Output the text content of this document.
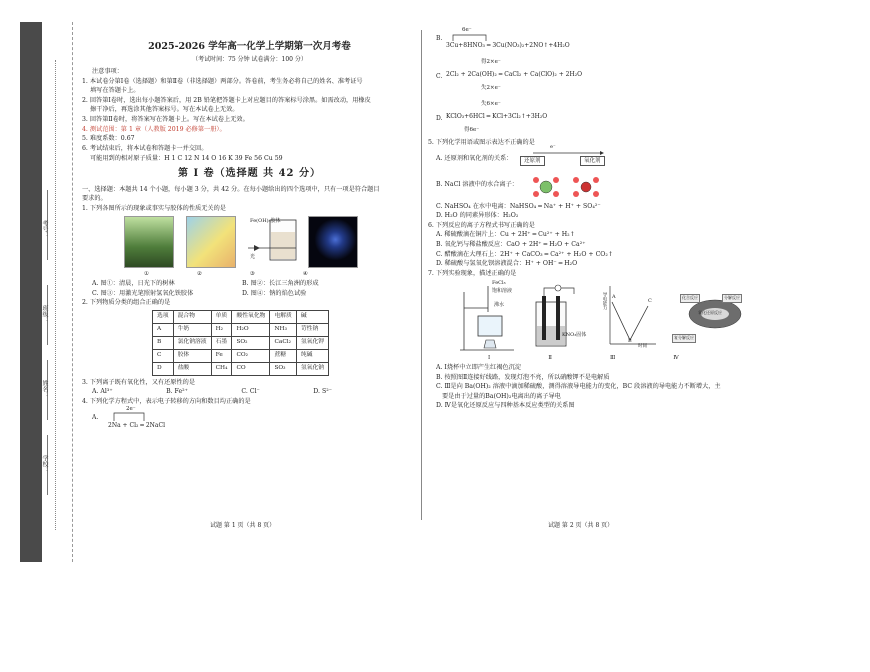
考号：
班级：
姓名：
学校：
2025-2026 学年高一化学上学期第一次月考卷
（考试时间：75 分钟 试卷满分：100 分）
注意事项：
1. 本试卷分第Ⅰ卷（选择题）和第Ⅱ卷（非选择题）两部分。答卷前，考生务必将自己的姓名、准考证号
填写在答题卡上。
2. 回答第Ⅰ卷时，选出每小题答案后，用 2B 铅笔把答题卡上对应题目的答案标号涂黑。如需改动，用橡皮
擦干净后，再选涂其他答案标号。写在本试卷上无效。
3. 回答第Ⅱ卷时，将答案写在答题卡上。写在本试卷上无效。
4. 测试范围：第 1 章（人教版 2019 必修第一册）。
5. 难度系数：0.67
6. 考试结束后，将本试卷和答题卡一并交回。
可能用到的相对原子质量：H 1 C 12 N 14 O 16 K 39 Fe 56 Cu 59
第 Ⅰ 卷（选择题 共 42 分）
一、选择题：本题共 14 个小题，每小题 3 分，共 42 分。在每小题给出的四个选项中，只有一项是符合题目
要求的。
1. 下列各图所示的现象或事实与胶体的性质无关的是
Fe(OH)₃胶体
光
①	②	③	④
A. 图①：清晨，日光下的树林	B. 图②：长江三角洲的形成
C. 图③：用激光笔照射氢氧化铁胶体	D. 图④：钠的焰色试验
2. 下列物质分类的组合正确的是
选项	混合物	单质	酸性氧化物	电解质	碱
A	牛奶	H₂	H₂O	NH₃	苛性钠
B	氯化钠溶液	石墨	SO₂	CaCl₂	氢氧化钾
C	胶体	Fe	CO₂	蔗糖	纯碱
D	盐酸	CH₄	CO	SO₃	氢氧化钠
3. 下列离子既有氧化性，又有还原性的是
A. Al³⁺	B. Fe²⁺	C. Cl⁻	D. S²⁻
4. 下列化学方程式中，表示电子转移的方向和数目均正确的是
A.
2e⁻
2Na + Cl₂ ═ 2NaCl
试题 第 1 页（共 8 页）
B.
6e⁻
3Cu+8HNO₃ ═ 3Cu(NO₃)₂+2NO↑+4H₂O
C.
得2×e⁻
2Cl₂ + 2Ca(OH)₂ ═ CaCl₂ + Ca(ClO)₂ + 2H₂O
失2×e⁻
D.
失6×e⁻
KClO₃+6HCl ═ KCl+3Cl₂↑+3H₂O
得6e⁻
5. 下列化学用语或图示表达不正确的是
A. 还原剂和氧化剂的关系：
e⁻
还原剂	氧化剂
B. NaCl 溶液中的水合离子：
C. NaHSO₄ 在水中电离：NaHSO₄ ═ Na⁺ + H⁺ + SO₄²⁻
D. H₂O 的同素异形体：H₂O₂
6. 下列反应的离子方程式书写正确的是
A. 稀硫酸滴在铜片上：Cu + 2H⁺ ═ Cu²⁺ + H₂↑
B. 氧化钙与稀盐酸反应：CaO + 2H⁺ ═ H₂O + Ca²⁺
C. 醋酸滴在大理石上：2H⁺ + CaCO₃ ═ Ca²⁺ + H₂O + CO₂↑
D. 稀硫酸与氢氧化钡溶液混合：H⁺ + OH⁻ ═ H₂O
7. 下列实验现象，描述正确的是
FeCl₃
饱和溶液
沸水
KNO₃固体
导电能力
时间
A
B
C
化合反应	分解反应
氧化还原反应
复分解反应
Ⅰ	Ⅱ	Ⅲ	Ⅳ
A. Ⅰ烧杯中立即产生红褐色沉淀
B. 按照图Ⅱ连接好线路，发现灯泡不亮，所以硝酸钾不是电解质
C. Ⅲ是向 Ba(OH)₂ 溶液中滴加稀硫酸，测得溶液导电能力的变化，BC 段溶液的导电能力不断增大，主
要是由于过量的Ba(OH)₂电离出的离子导电
D. Ⅳ是氧化还原反应与四种基本反应类型的关系图
试题 第 2 页（共 8 页）
